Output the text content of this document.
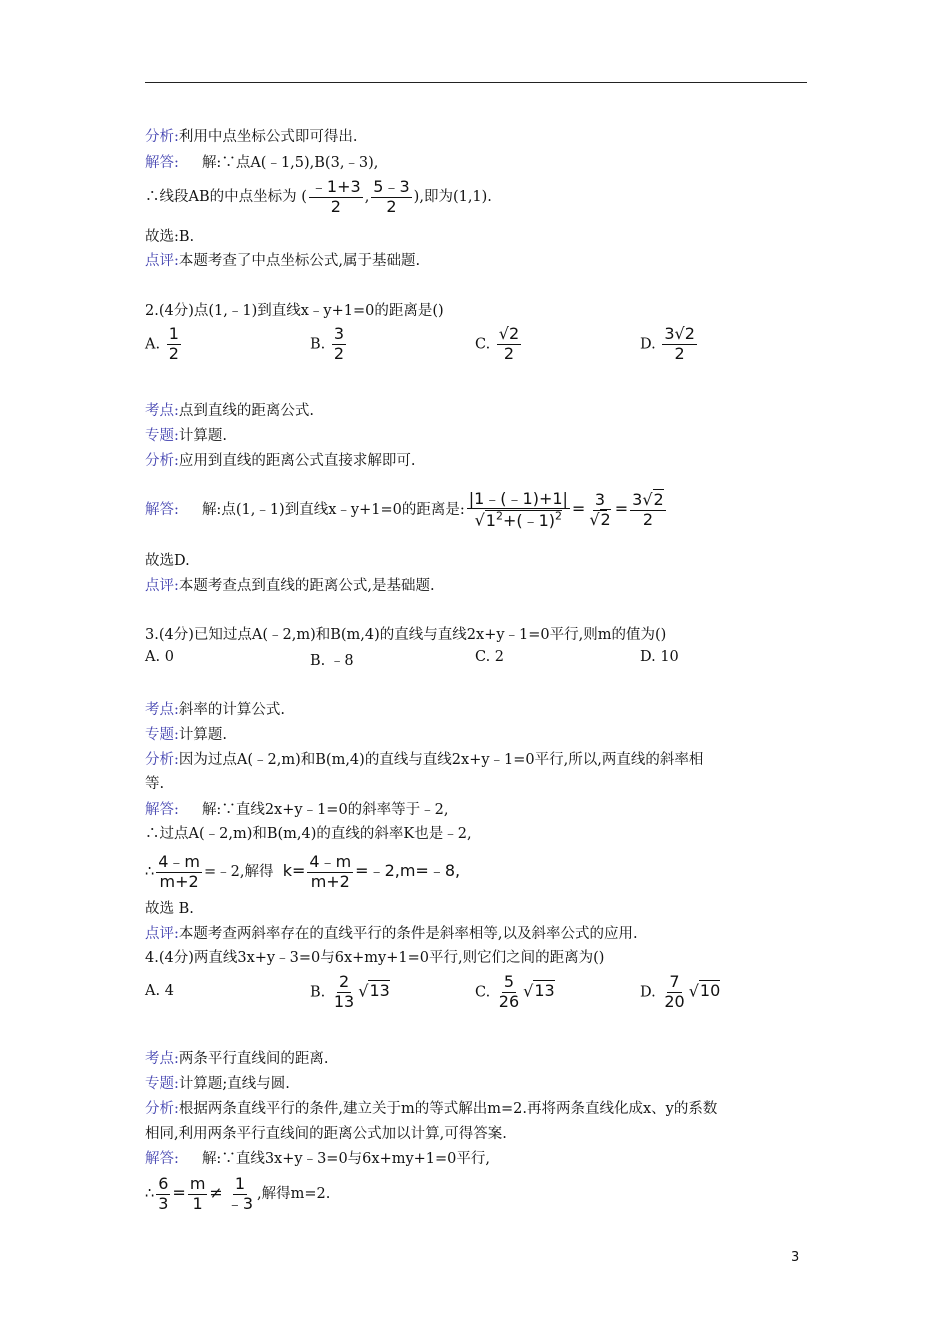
分析:利用中点坐标公式即可得出.
解答: 解:∵点A(﹣1,5),B(3,﹣3),
∴线段AB的中点坐标为 ( $\frac{﹣1+3}{2}$ , $\frac{5﹣3}{2}$ ),即为(1,1).
故选:B.
点评:本题考查了中点坐标公式,属于基础题.
2.(4分)点(1,﹣1)到直线x﹣y+1=0的距离是()
A. $\frac{1}{2}$	B. $\frac{3}{2}$	C. $\frac{√2}{2}$	D. $\frac{3√2}{2}$
考点:点到直线的距离公式.
专题:计算题.
分析:应用到直线的距离公式直接求解即可.
解答: 解:点(1,﹣1)到直线x﹣y+1=0的距离是: $\frac{|1﹣(﹣1)+1|}{√1^2+(﹣1)^2} = \frac{3}{√2} = \frac{3√2}{2}$
故选D.
点评:本题考查点到直线的距离公式,是基础题.
3.(4分)已知过点A(﹣2,m)和B(m,4)的直线与直线2x+y﹣1=0平行,则m的值为()
A. 0	B. ﹣8	C. 2	D. 10
考点:斜率的计算公式.
专题:计算题.
分析:因为过点A(﹣2,m)和B(m,4)的直线与直线2x+y﹣1=0平行,所以,两直线的斜率相
等.
解答: 解:∵直线2x+y﹣1=0的斜率等于﹣2,
∴过点A(﹣2,m)和B(m,4)的直线的斜率K也是﹣2,
∴ $\frac{4﹣m}{m+2}$ =﹣2,解得 $k= \frac{4﹣m}{m+2}$ =﹣2,m=﹣8,
故选 B.
点评:本题考查两斜率存在的直线平行的条件是斜率相等,以及斜率公式的应用.
4.(4分)两直线3x+y﹣3=0与6x+my+1=0平行,则它们之间的距离为()
A. 4	B. $\frac{2}{13} √13$	C. $\frac{5}{26} √13$	D. $\frac{7}{20} √10$
考点:两条平行直线间的距离.
专题:计算题;直线与圆.
分析:根据两条直线平行的条件,建立关于m的等式解出m=2.再将两条直线化成x、y的系数
相同,利用两条平行直线间的距离公式加以计算,可得答案.
解答: 解:∵直线3x+y﹣3=0与6x+my+1=0平行,
∴ $\frac{6}{3} = \frac{m}{1} \ne \frac{1}{﹣3}$ ,解得m=2.
3
